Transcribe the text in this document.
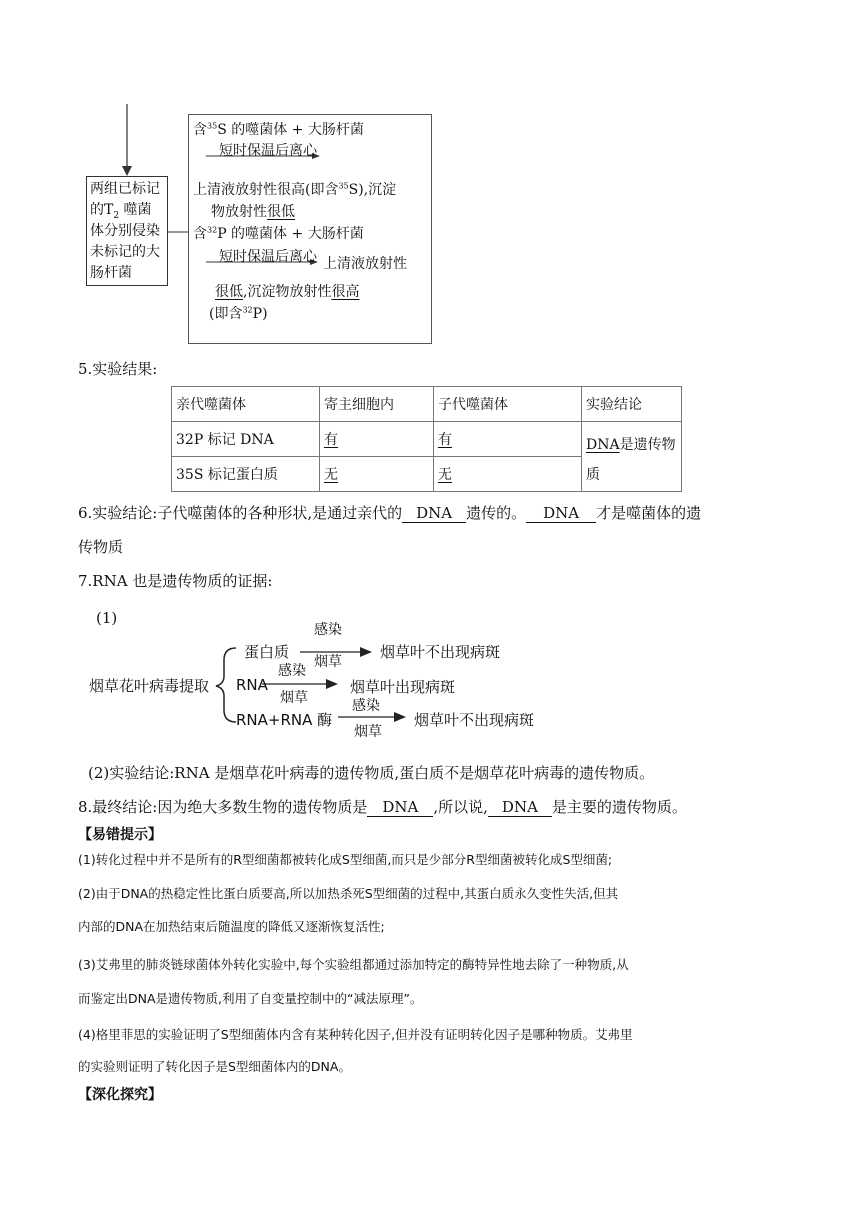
两组已标记
的$T_2$ 噬菌
体分别侵染
未标记的大
肠杆菌
含$^{35}$S 的噬菌体 + 大肠杆菌
短时保温后离心
上清液放射性很高(即含$^{35}$S),沉淀
物放射性很低
含$^{32}$P 的噬菌体 + 大肠杆菌
短时保温后离心 上清液放射性
很低,沉淀物放射性很高
(即含$^{32}$P)
5.实验结果:
亲代噬菌体	寄主细胞内	子代噬菌体	实验结论
32P 标记 DNA	有	有	DNA是遗传物
质
35S 标记蛋白质	无	无	
6.实验结论:子代噬菌体的各种形状,是通过亲代的 DNA 遗传的。 DNA 才是噬菌体的遗
传物质
7.RNA 也是遗传物质的证据:
(1)
烟草花叶病毒提取
蛋白质
感染
烟草
烟草叶不出现病斑
RNA
感染
烟草
烟草叶出现病斑
RNA+RNA 酶
感染
烟草
烟草叶不出现病斑
(2)实验结论:RNA 是烟草花叶病毒的遗传物质,蛋白质不是烟草花叶病毒的遗传物质。
8.最终结论:因为绝大多数生物的遗传物质是 DNA ,所以说, DNA 是主要的遗传物质。
【易错提示】
(1)转化过程中并不是所有的R型细菌都被转化成S型细菌,而只是少部分R型细菌被转化成S型细菌;
(2)由于DNA的热稳定性比蛋白质要高,所以加热杀死S型细菌的过程中,其蛋白质永久变性失活,但其
内部的DNA在加热结束后随温度的降低又逐渐恢复活性;
(3)艾弗里的肺炎链球菌体外转化实验中,每个实验组都通过添加特定的酶特异性地去除了一种物质,从
而鉴定出DNA是遗传物质,利用了自变量控制中的“减法原理”。
(4)格里菲思的实验证明了S型细菌体内含有某种转化因子,但并没有证明转化因子是哪种物质。艾弗里
的实验则证明了转化因子是S型细菌体内的DNA。
【深化探究】
